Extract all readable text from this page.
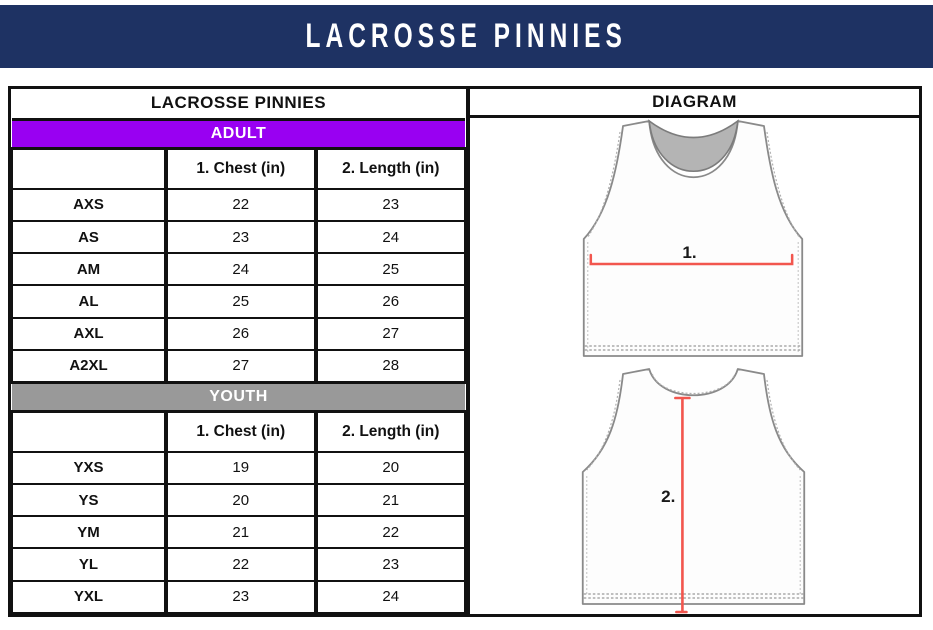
LACROSSE PINNIES
LACROSSE PINNIES		
ADULT		
	1. Chest (in)	2. Length (in)
AXS	22	23
AS	23	24
AM	24	25
AL	25	26
AXL	26	27
A2XL	27	28
YOUTH		
	1. Chest (in)	2. Length (in)
YXS	19	20
YS	20	21
YM	21	22
YL	22	23
YXL	23	24
DIAGRAM
1.
2.
